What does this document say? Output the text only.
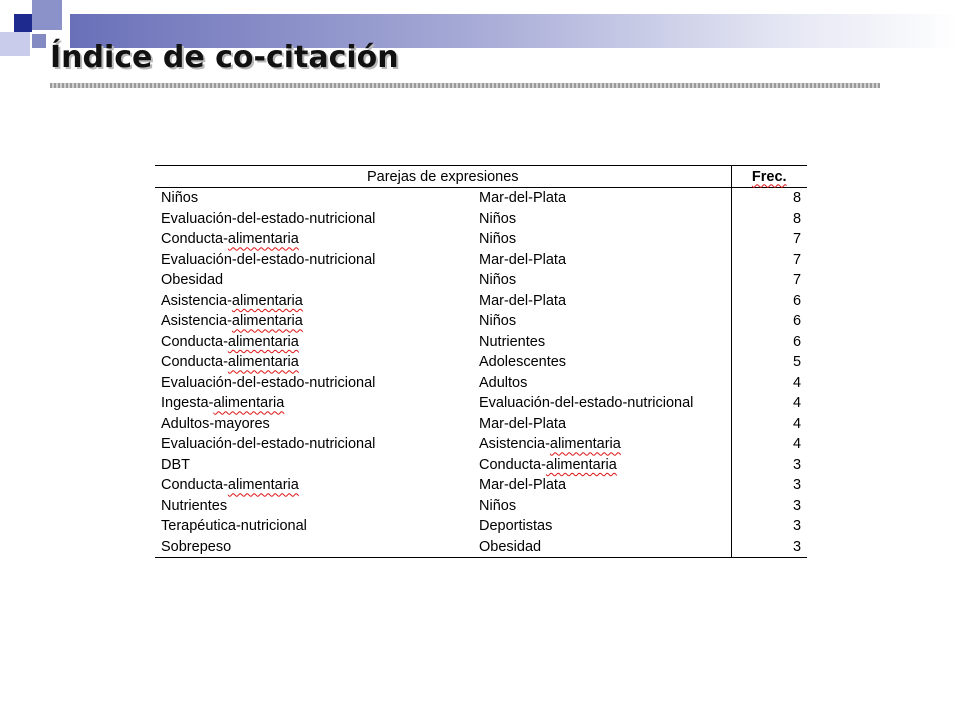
Índice de co-citación
Parejas de expresiones		Frec.
Niños	Mar-del-Plata	8
Evaluación-del-estado-nutricional	Niños	8
Conducta-alimentaria	Niños	7
Evaluación-del-estado-nutricional	Mar-del-Plata	7
Obesidad	Niños	7
Asistencia-alimentaria	Mar-del-Plata	6
Asistencia-alimentaria	Niños	6
Conducta-alimentaria	Nutrientes	6
Conducta-alimentaria	Adolescentes	5
Evaluación-del-estado-nutricional	Adultos	4
Ingesta-alimentaria	Evaluación-del-estado-nutricional	4
Adultos-mayores	Mar-del-Plata	4
Evaluación-del-estado-nutricional	Asistencia-alimentaria	4
DBT	Conducta-alimentaria	3
Conducta-alimentaria	Mar-del-Plata	3
Nutrientes	Niños	3
Terapéutica-nutricional	Deportistas	3
Sobrepeso	Obesidad	3
